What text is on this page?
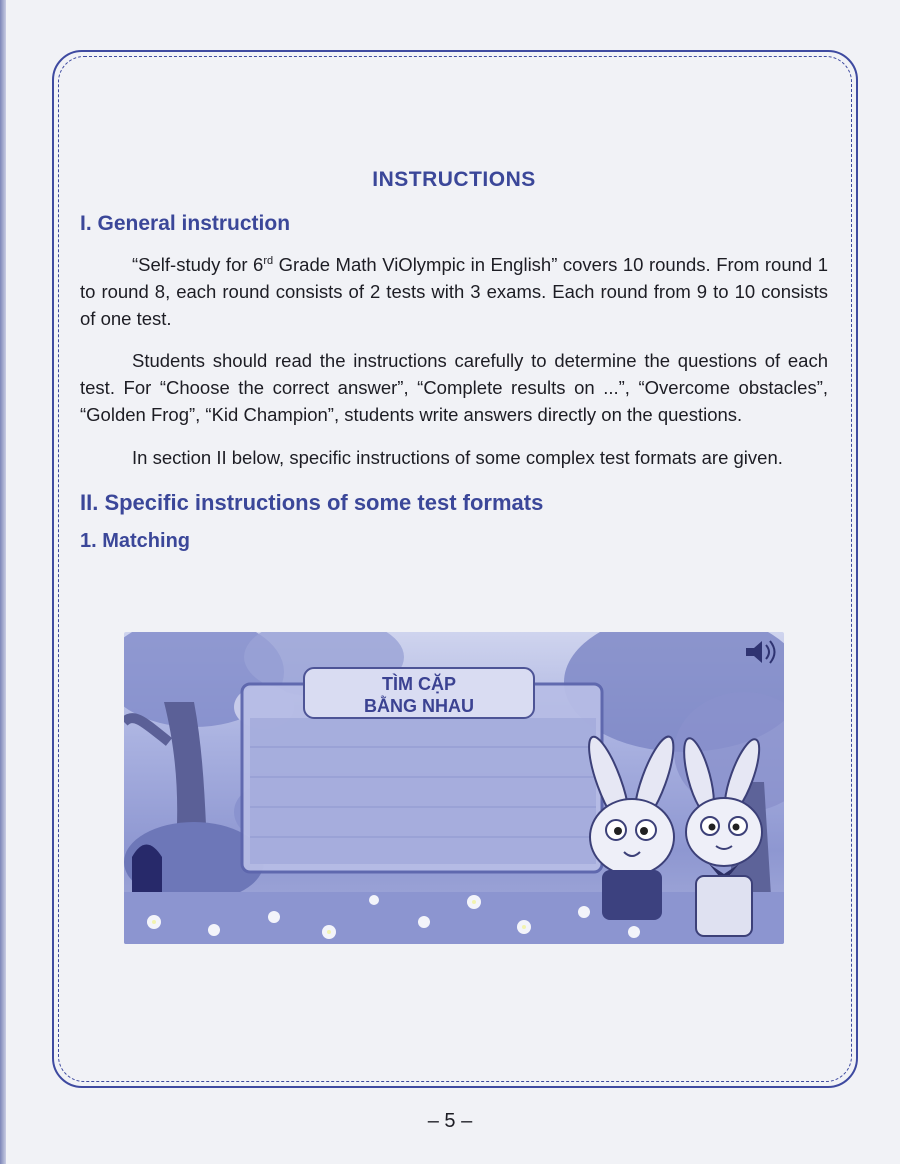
INSTRUCTIONS
I. General instruction

“Self-study for 6rd Grade Math ViOlympic in English” covers 10 rounds. From round 1 to round 8, each round consists of 2 tests with 3 exams. Each round from 9 to 10 consists of one test.

Students should read the instructions carefully to determine the questions of each test. For “Choose the correct answer”, “Complete results on ...”, “Overcome obstacles”, “Golden Frog”, “Kid Champion”, students write answers directly on the questions.

In section II below, specific instructions of some complex test formats are given.

II. Specific instructions of some test formats
1. Matching
TÌM CẶP
BẰNG NHAU
– 5 –
